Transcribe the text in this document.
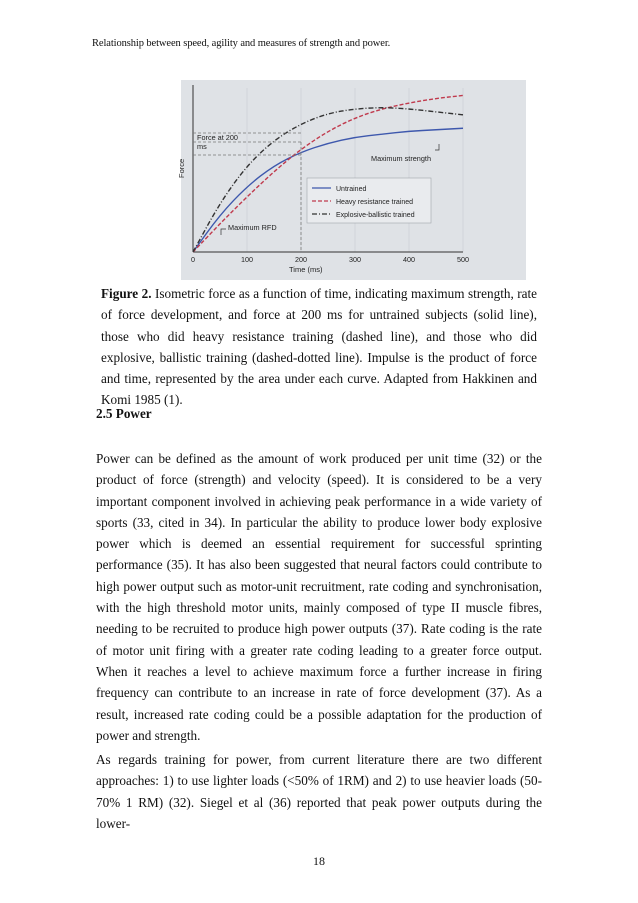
Relationship between speed, agility and measures of strength and power.
0	100	200	300	400	500
Time (ms)
Force
Force at 200 ms
Maximum strength
Maximum RFD
Untrained
Heavy resistance trained
Explosive-ballistic trained
Figure 2. Isometric force as a function of time, indicating maximum strength, rate of force development, and force at 200 ms for untrained subjects (solid line), those who did heavy resistance training (dashed line), and those who did explosive, ballistic training (dashed-dotted line). Impulse is the product of force and time, represented by the area under each curve. Adapted from Hakkinen and Komi 1985 (1).
2.5 Power
Power can be defined as the amount of work produced per unit time (32) or the product of force (strength) and velocity (speed). It is considered to be a very important component involved in achieving peak performance in a wide variety of sports (33, cited in 34). In particular the ability to produce lower body explosive power which is deemed an essential requirement for successful sprinting performance (35). It has also been suggested that neural factors could contribute to high power output such as motor-unit recruitment, rate coding and synchronisation, with the high threshold motor units, mainly composed of type II muscle fibres, needing to be recruited to produce high power outputs (37). Rate coding is the rate of motor unit firing with a greater rate coding leading to a greater force output. When it reaches a level to achieve maximum force a further increase in firing frequency can contribute to an increase in rate of force development (37). As a result, increased rate coding could be a possible adaptation for the production of power and strength.
As regards training for power, from current literature there are two different approaches: 1) to use lighter loads (<50% of 1RM) and 2) to use heavier loads (50-70% 1 RM) (32). Siegel et al (36) reported that peak power outputs during the lower-
18
